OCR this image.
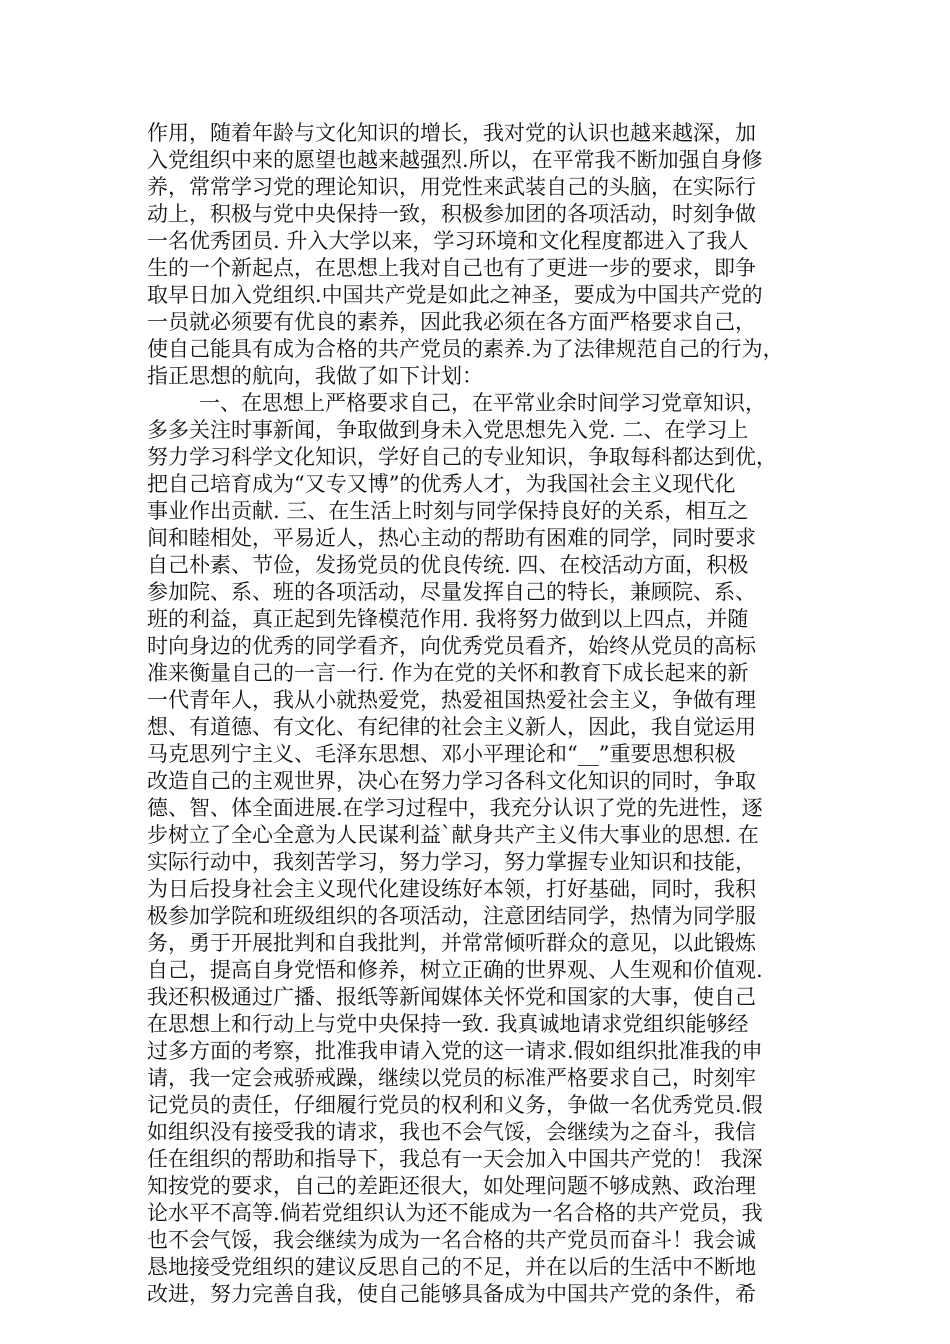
作用，随着年龄与文化知识的增长，我对党的认识也越来越深，加
入党组织中来的愿望也越来越强烈.所以，在平常我不断加强自身修
养，常常学习党的理论知识，用党性来武装自己的头脑，在实际行
动上，积极与党中央保持一致，积极参加团的各项活动，时刻争做
一名优秀团员. 升入大学以来，学习环境和文化程度都进入了我人
生的一个新起点，在思想上我对自己也有了更进一步的要求，即争
取早日加入党组织.中国共产党是如此之神圣，要成为中国共产党的
一员就必须要有优良的素养，因此我必须在各方面严格要求自己，
使自己能具有成为合格的共产党员的素养.为了法律规范自己的行为，
指正思想的航向，我做了如下计划：
一、在思想上严格要求自己，在平常业余时间学习党章知识，
多多关注时事新闻，争取做到身未入党思想先入党. 二、在学习上
努力学习科学文化知识，学好自己的专业知识，争取每科都达到优，
把自己培育成为“又专又博”的优秀人才，为我国社会主义现代化
事业作出贡献. 三、在生活上时刻与同学保持良好的关系，相互之
间和睦相处，平易近人，热心主动的帮助有困难的同学，同时要求
自己朴素、节俭，发扬党员的优良传统. 四、在校活动方面，积极
参加院、系、班的各项活动，尽量发挥自己的特长，兼顾院、系、
班的利益，真正起到先锋模范作用. 我将努力做到以上四点，并随
时向身边的优秀的同学看齐，向优秀党员看齐，始终从党员的高标
准来衡量自己的一言一行. 作为在党的关怀和教育下成长起来的新
一代青年人，我从小就热爱党，热爱祖国热爱社会主义，争做有理
想、有道德、有文化、有纪律的社会主义新人，因此，我自觉运用
马克思列宁主义、毛泽东思想、邓小平理论和“__”重要思想积极
改造自己的主观世界，决心在努力学习各科文化知识的同时，争取
德、智、体全面进展.在学习过程中，我充分认识了党的先进性，逐
步树立了全心全意为人民谋利益`献身共产主义伟大事业的思想. 在
实际行动中，我刻苦学习，努力学习，努力掌握专业知识和技能，
为日后投身社会主义现代化建设练好本领，打好基础，同时，我积
极参加学院和班级组织的各项活动，注意团结同学，热情为同学服
务，勇于开展批判和自我批判，并常常倾听群众的意见，以此锻炼
自己，提高自身党悟和修养，树立正确的世界观、人生观和价值观.
我还积极通过广播、报纸等新闻媒体关怀党和国家的大事，使自己
在思想上和行动上与党中央保持一致. 我真诚地请求党组织能够经
过多方面的考察，批准我申请入党的这一请求.假如组织批准我的申
请，我一定会戒骄戒躁，继续以党员的标准严格要求自己，时刻牢
记党员的责任，仔细履行党员的权利和义务，争做一名优秀党员.假
如组织没有接受我的请求，我也不会气馁，会继续为之奋斗，我信
任在组织的帮助和指导下，我总有一天会加入中国共产党的！ 我深
知按党的要求，自己的差距还很大，如处理问题不够成熟、政治理
论水平不高等.倘若党组织认为还不能成为一名合格的共产党员，我
也不会气馁，我会继续为成为一名合格的共产党员而奋斗！我会诚
恳地接受党组织的建议反思自己的不足，并在以后的生活中不断地
改进，努力完善自我，使自己能够具备成为中国共产党的条件，希
